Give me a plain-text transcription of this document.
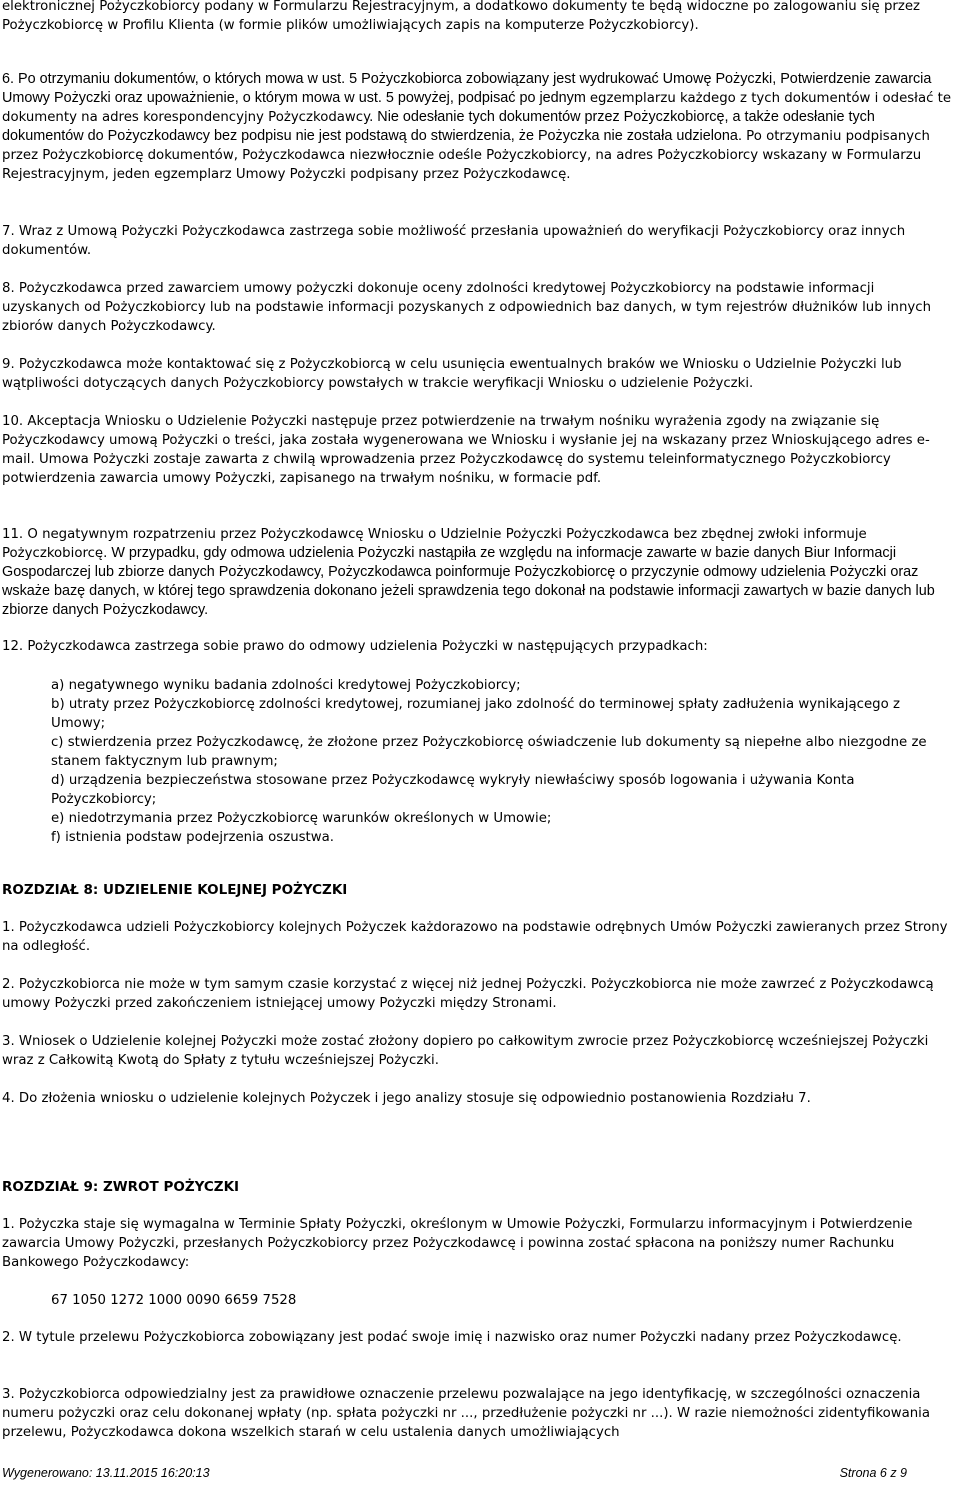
elektronicznej Pożyczkobiorcy podany w Formularzu Rejestracyjnym, a dodatkowo dokumenty te będą widoczne po zalogowaniu się przez Pożyczkobiorcę w Profilu Klienta (w formie plików umożliwiających zapis na komputerze Pożyczkobiorcy).

6. Po otrzymaniu dokumentów, o których mowa w ust. 5 Pożyczkobiorca zobowiązany jest wydrukować Umowę Pożyczki, Potwierdzenie zawarcia Umowy Pożyczki oraz upoważnienie, o którym mowa w ust. 5 powyżej, podpisać po jednym egzemplarzu każdego z tych dokumentów i odesłać te dokumenty na adres korespondencyjny Pożyczkodawcy. Nie odesłanie tych dokumentów przez Pożyczkobiorcę, a także odesłanie tych dokumentów do Pożyczkodawcy bez podpisu nie jest podstawą do stwierdzenia, że Pożyczka nie została udzielona. Po otrzymaniu podpisanych przez Pożyczkobiorcę dokumentów, Pożyczkodawca niezwłocznie odeśle Pożyczkobiorcy, na adres Pożyczkobiorcy wskazany w Formularzu Rejestracyjnym, jeden egzemplarz Umowy Pożyczki podpisany przez Pożyczkodawcę.

7. Wraz z Umową Pożyczki Pożyczkodawca zastrzega sobie możliwość przesłania upoważnień do weryfikacji Pożyczkobiorcy oraz innych dokumentów.

8. Pożyczkodawca przed zawarciem umowy pożyczki dokonuje oceny zdolności kredytowej Pożyczkobiorcy na podstawie informacji uzyskanych od Pożyczkobiorcy lub na podstawie informacji pozyskanych z odpowiednich baz danych, w tym rejestrów dłużników lub innych zbiorów danych Pożyczkodawcy.

9. Pożyczkodawca może kontaktować się z Pożyczkobiorcą w celu usunięcia ewentualnych braków we Wniosku o Udzielnie Pożyczki lub wątpliwości dotyczących danych Pożyczkobiorcy powstałych w trakcie weryfikacji Wniosku o udzielenie Pożyczki.

10. Akceptacja Wniosku o Udzielenie Pożyczki następuje przez potwierdzenie na trwałym nośniku wyrażenia zgody na związanie się Pożyczkodawcy umową Pożyczki o treści, jaka została wygenerowana we Wniosku i wysłanie jej na wskazany przez Wnioskującego adres e-mail. Umowa Pożyczki zostaje zawarta z chwilą wprowadzenia przez Pożyczkodawcę do systemu teleinformatycznego Pożyczkobiorcy potwierdzenia zawarcia umowy Pożyczki, zapisanego na trwałym nośniku, w formacie pdf.

11. O negatywnym rozpatrzeniu przez Pożyczkodawcę Wniosku o Udzielnie Pożyczki Pożyczkodawca bez zbędnej zwłoki informuje Pożyczkobiorcę. W przypadku, gdy odmowa udzielenia Pożyczki nastąpiła ze względu na informacje zawarte w bazie danych Biur Informacji Gospodarczej lub zbiorze danych Pożyczkodawcy, Pożyczkodawca poinformuje Pożyczkobiorcę o przyczynie odmowy udzielenia Pożyczki oraz wskaże bazę danych, w której tego sprawdzenia dokonano jeżeli sprawdzenia tego dokonał na podstawie informacji zawartych w bazie danych lub zbiorze danych Pożyczkodawcy.

12. Pożyczkodawca zastrzega sobie prawo do odmowy udzielenia Pożyczki w następujących przypadkach:

a) negatywnego wyniku badania zdolności kredytowej Pożyczkobiorcy;
b) utraty przez Pożyczkobiorcę zdolności kredytowej, rozumianej jako zdolność do terminowej spłaty zadłużenia wynikającego z Umowy;
c) stwierdzenia przez Pożyczkodawcę, że złożone przez Pożyczkobiorcę oświadczenie lub dokumenty są niepełne albo niezgodne ze stanem faktycznym lub prawnym;
d) urządzenia bezpieczeństwa stosowane przez Pożyczkodawcę wykryły niewłaściwy sposób logowania i używania Konta Pożyczkobiorcy;
e) niedotrzymania przez Pożyczkobiorcę warunków określonych w Umowie;
f) istnienia podstaw podejrzenia oszustwa.

ROZDZIAŁ 8: UDZIELENIE KOLEJNEJ POŻYCZKI

1. Pożyczkodawca udzieli Pożyczkobiorcy kolejnych Pożyczek każdorazowo na podstawie odrębnych Umów Pożyczki zawieranych przez Strony na odległość.

2. Pożyczkobiorca nie może w tym samym czasie korzystać z więcej niż jednej Pożyczki. Pożyczkobiorca nie może zawrzeć z Pożyczkodawcą umowy Pożyczki przed zakończeniem istniejącej umowy Pożyczki między Stronami.

3. Wniosek o Udzielenie kolejnej Pożyczki może zostać złożony dopiero po całkowitym zwrocie przez Pożyczkobiorcę wcześniejszej Pożyczki wraz z Całkowitą Kwotą do Spłaty z tytułu wcześniejszej Pożyczki.

4. Do złożenia wniosku o udzielenie kolejnych Pożyczek i jego analizy stosuje się odpowiednio postanowienia Rozdziału 7.

ROZDZIAŁ 9: ZWROT POŻYCZKI

1. Pożyczka staje się wymagalna w Terminie Spłaty Pożyczki, określonym w Umowie Pożyczki, Formularzu informacyjnym i Potwierdzenie zawarcia Umowy Pożyczki, przesłanych Pożyczkobiorcy przez Pożyczkodawcę i powinna zostać spłacona na poniższy numer Rachunku Bankowego Pożyczkodawcy:

67 1050 1272 1000 0090 6659 7528

2. W tytule przelewu Pożyczkobiorca zobowiązany jest podać swoje imię i nazwisko oraz numer Pożyczki nadany przez Pożyczkodawcę.

3. Pożyczkobiorca odpowiedzialny jest za prawidłowe oznaczenie przelewu pozwalające na jego identyfikację, w szczególności oznaczenia numeru pożyczki oraz celu dokonanej wpłaty (np. spłata pożyczki nr ..., przedłużenie pożyczki nr ...). W razie niemożności zidentyfikowania przelewu, Pożyczkodawca dokona wszelkich starań w celu ustalenia danych umożliwiających

Wygenerowano: 13.11.2015 16:20:13	Strona 6 z 9
